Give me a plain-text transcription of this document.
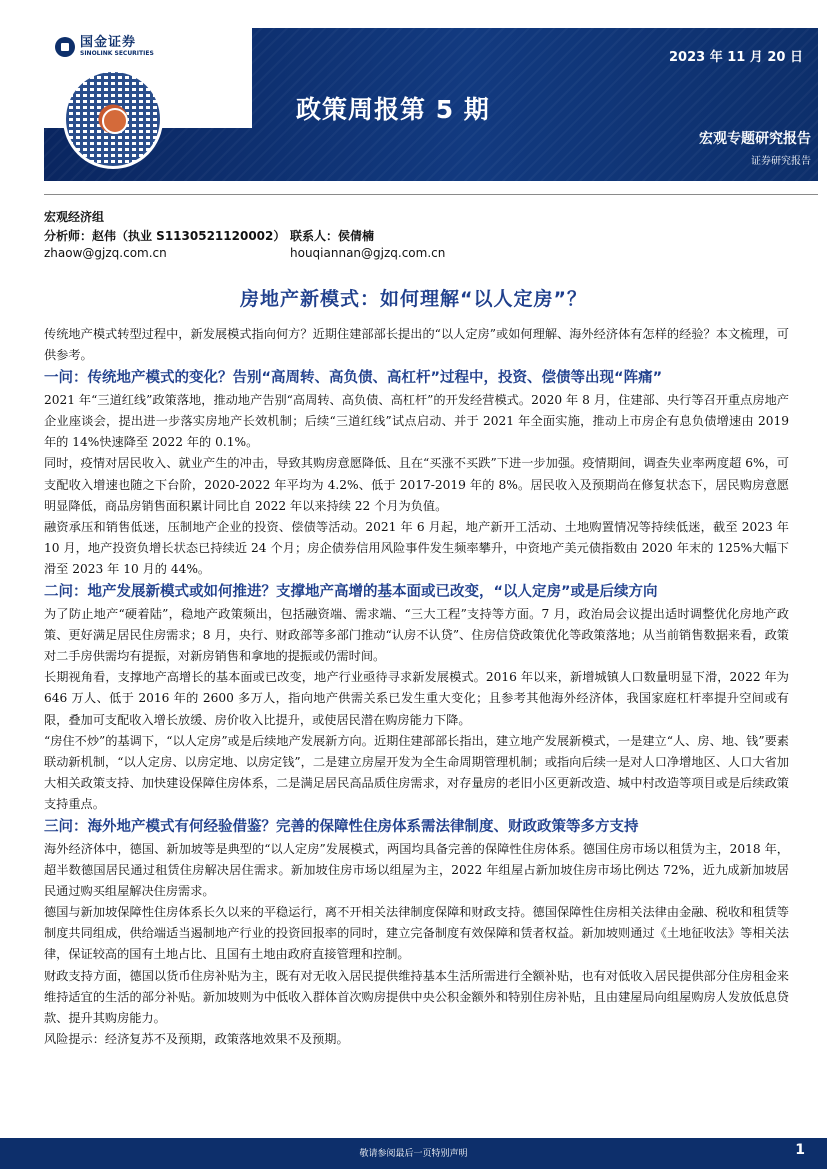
国金证券
SINOLINK SECURITIES	2023 年 11 月 20 日
政策周报第 5 期
宏观专题研究报告
证券研究报告
宏观经济组
分析师：赵伟（执业 S1130521120002）
zhaow@gjzq.com.cn
联系人：侯倩楠
houqiannan@gjzq.com.cn
房地产新模式：如何理解“以人定房”？

传统地产模式转型过程中，新发展模式指向何方？近期住建部部长提出的“以人定房”或如何理解、海外经济体有怎样的经验？本文梳理，可供参考。

一问：传统地产模式的变化？告别“高周转、高负债、高杠杆”过程中，投资、偿债等出现“阵痛”

2021 年“三道红线”政策落地，推动地产告别“高周转、高负债、高杠杆”的开发经营模式。2020 年 8 月，住建部、央行等召开重点房地产企业座谈会，提出进一步落实房地产长效机制；后续“三道红线”试点启动、并于 2021 年全面实施，推动上市房企有息负债增速由 2019 年的 14%快速降至 2022 年的 0.1%。

同时，疫情对居民收入、就业产生的冲击，导致其购房意愿降低、且在“买涨不买跌”下进一步加强。疫情期间，调查失业率两度超 6%，可支配收入增速也随之下台阶，2020-2022 年平均为 4.2%、低于 2017-2019 年的 8%。居民收入及预期尚在修复状态下，居民购房意愿明显降低，商品房销售面积累计同比自 2022 年以来持续 22 个月为负值。

融资承压和销售低迷，压制地产企业的投资、偿债等活动。2021 年 6 月起，地产新开工活动、土地购置情况等持续低迷，截至 2023 年 10 月，地产投资负增长状态已持续近 24 个月；房企债券信用风险事件发生频率攀升，中资地产美元债指数由 2020 年末的 125%大幅下滑至 2023 年 10 月的 44%。

二问：地产发展新模式或如何推进？支撑地产高增的基本面或已改变，“以人定房”或是后续方向

为了防止地产“硬着陆”，稳地产政策频出，包括融资端、需求端、“三大工程”支持等方面。7 月，政治局会议提出适时调整优化房地产政策、更好满足居民住房需求；8 月，央行、财政部等多部门推动“认房不认贷”、住房信贷政策优化等政策落地；从当前销售数据来看，政策对二手房供需均有提振，对新房销售和拿地的提振或仍需时间。

长期视角看，支撑地产高增长的基本面或已改变，地产行业亟待寻求新发展模式。2016 年以来，新增城镇人口数量明显下滑，2022 年为 646 万人、低于 2016 年的 2600 多万人，指向地产供需关系已发生重大变化；且参考其他海外经济体，我国家庭杠杆率提升空间或有限，叠加可支配收入增长放缓、房价收入比提升，或使居民潜在购房能力下降。

“房住不炒”的基调下，“以人定房”或是后续地产发展新方向。近期住建部部长指出，建立地产发展新模式，一是建立“人、房、地、钱”要素联动新机制，“以人定房、以房定地、以房定钱”，二是建立房屋开发为全生命周期管理机制；或指向后续一是对人口净增地区、人口大省加大相关政策支持、加快建设保障住房体系，二是满足居民高品质住房需求，对存量房的老旧小区更新改造、城中村改造等项目或是后续政策支持重点。

三问：海外地产模式有何经验借鉴？完善的保障性住房体系需法律制度、财政政策等多方支持

海外经济体中，德国、新加坡等是典型的“以人定房”发展模式，两国均具备完善的保障性住房体系。德国住房市场以租赁为主，2018 年，超半数德国居民通过租赁住房解决居住需求。新加坡住房市场以组屋为主，2022 年组屋占新加坡住房市场比例达 72%，近九成新加坡居民通过购买组屋解决住房需求。

德国与新加坡保障性住房体系长久以来的平稳运行，离不开相关法律制度保障和财政支持。德国保障性住房相关法律由金融、税收和租赁等制度共同组成，供给端适当遏制地产行业的投资回报率的同时，建立完备制度有效保障和赁者权益。新加坡则通过《土地征收法》等相关法律，保证较高的国有土地占比、且国有土地由政府直接管理和控制。

财政支持方面，德国以货币住房补贴为主，既有对无收入居民提供维持基本生活所需进行全额补贴，也有对低收入居民提供部分住房租金来维持适宜的生活的部分补贴。新加坡则为中低收入群体首次购房提供中央公积金额外和特别住房补贴，且由建屋局向组屋购房人发放低息贷款、提升其购房能力。

风险提示：经济复苏不及预期，政策落地效果不及预期。

敬请参阅最后一页特别声明	1
